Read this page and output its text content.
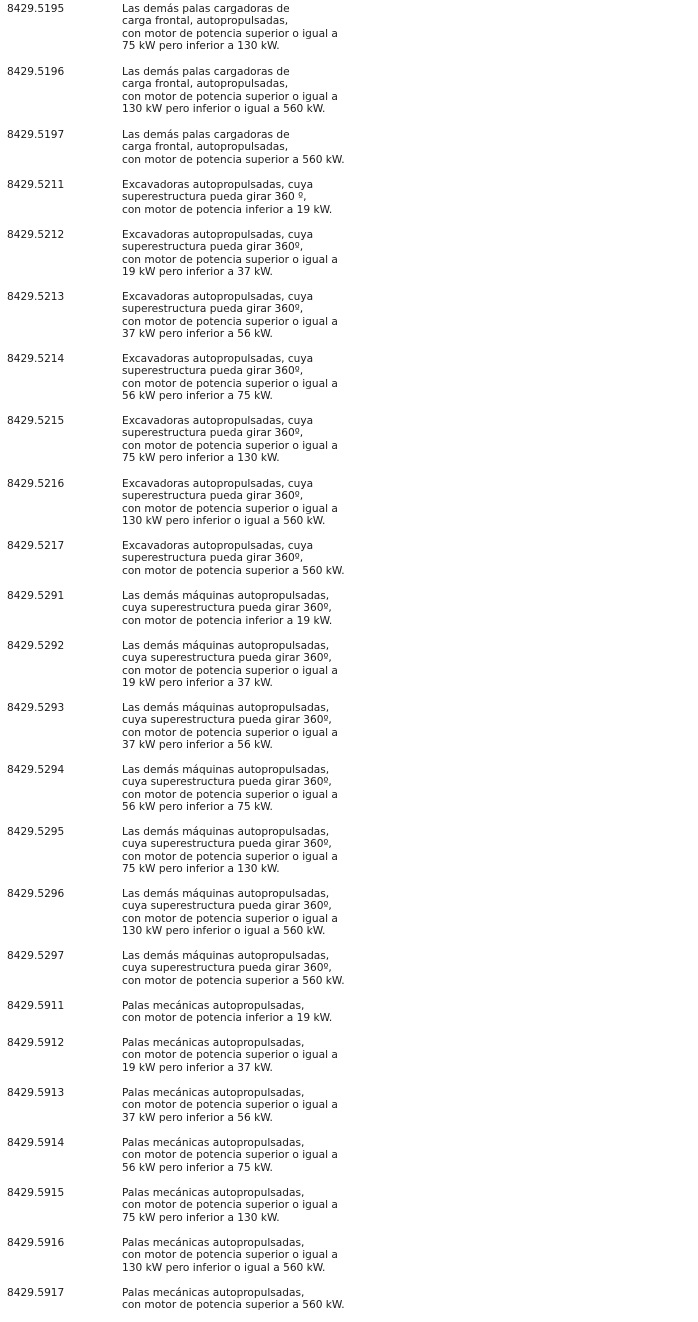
8429.5195	Las demás palas cargadoras de
carga frontal, autopropulsadas,
con motor de potencia superior o igual a
75 kW pero inferior a 130 kW.
8429.5196	Las demás palas cargadoras de
carga frontal, autopropulsadas,
con motor de potencia superior o igual a
130 kW pero inferior o igual a 560 kW.
8429.5197	Las demás palas cargadoras de
carga frontal, autopropulsadas,
con motor de potencia superior a 560 kW.
8429.5211	Excavadoras autopropulsadas, cuya
superestructura pueda girar 360 º,
con motor de potencia inferior a 19 kW.
8429.5212	Excavadoras autopropulsadas, cuya
superestructura pueda girar 360º,
con motor de potencia superior o igual a
19 kW pero inferior a 37 kW.
8429.5213	Excavadoras autopropulsadas, cuya
superestructura pueda girar 360º,
con motor de potencia superior o igual a
37 kW pero inferior a 56 kW.
8429.5214	Excavadoras autopropulsadas, cuya
superestructura pueda girar 360º,
con motor de potencia superior o igual a
56 kW pero inferior a 75 kW.
8429.5215	Excavadoras autopropulsadas, cuya
superestructura pueda girar 360º,
con motor de potencia superior o igual a
75 kW pero inferior a 130 kW.
8429.5216	Excavadoras autopropulsadas, cuya
superestructura pueda girar 360º,
con motor de potencia superior o igual a
130 kW pero inferior o igual a 560 kW.
8429.5217	Excavadoras autopropulsadas, cuya
superestructura pueda girar 360º,
con motor de potencia superior a 560 kW.
8429.5291	Las demás máquinas autopropulsadas,
cuya superestructura pueda girar 360º,
con motor de potencia inferior a 19 kW.
8429.5292	Las demás máquinas autopropulsadas,
cuya superestructura pueda girar 360º,
con motor de potencia superior o igual a
19 kW pero inferior a 37 kW.
8429.5293	Las demás máquinas autopropulsadas,
cuya superestructura pueda girar 360º,
con motor de potencia superior o igual a
37 kW pero inferior a 56 kW.
8429.5294	Las demás máquinas autopropulsadas,
cuya superestructura pueda girar 360º,
con motor de potencia superior o igual a
56 kW pero inferior a 75 kW.
8429.5295	Las demás máquinas autopropulsadas,
cuya superestructura pueda girar 360º,
con motor de potencia superior o igual a
75 kW pero inferior a 130 kW.
8429.5296	Las demás máquinas autopropulsadas,
cuya superestructura pueda girar 360º,
con motor de potencia superior o igual a
130 kW pero inferior o igual a 560 kW.
8429.5297	Las demás máquinas autopropulsadas,
cuya superestructura pueda girar 360º,
con motor de potencia superior a 560 kW.
8429.5911	Palas mecánicas autopropulsadas,
con motor de potencia inferior a 19 kW.
8429.5912	Palas mecánicas autopropulsadas,
con motor de potencia superior o igual a
19 kW pero inferior a 37 kW.
8429.5913	Palas mecánicas autopropulsadas,
con motor de potencia superior o igual a
37 kW pero inferior a 56 kW.
8429.5914	Palas mecánicas autopropulsadas,
con motor de potencia superior o igual a
56 kW pero inferior a 75 kW.
8429.5915	Palas mecánicas autopropulsadas,
con motor de potencia superior o igual a
75 kW pero inferior a 130 kW.
8429.5916	Palas mecánicas autopropulsadas,
con motor de potencia superior o igual a
130 kW pero inferior o igual a 560 kW.
8429.5917	Palas mecánicas autopropulsadas,
con motor de potencia superior a 560 kW.
